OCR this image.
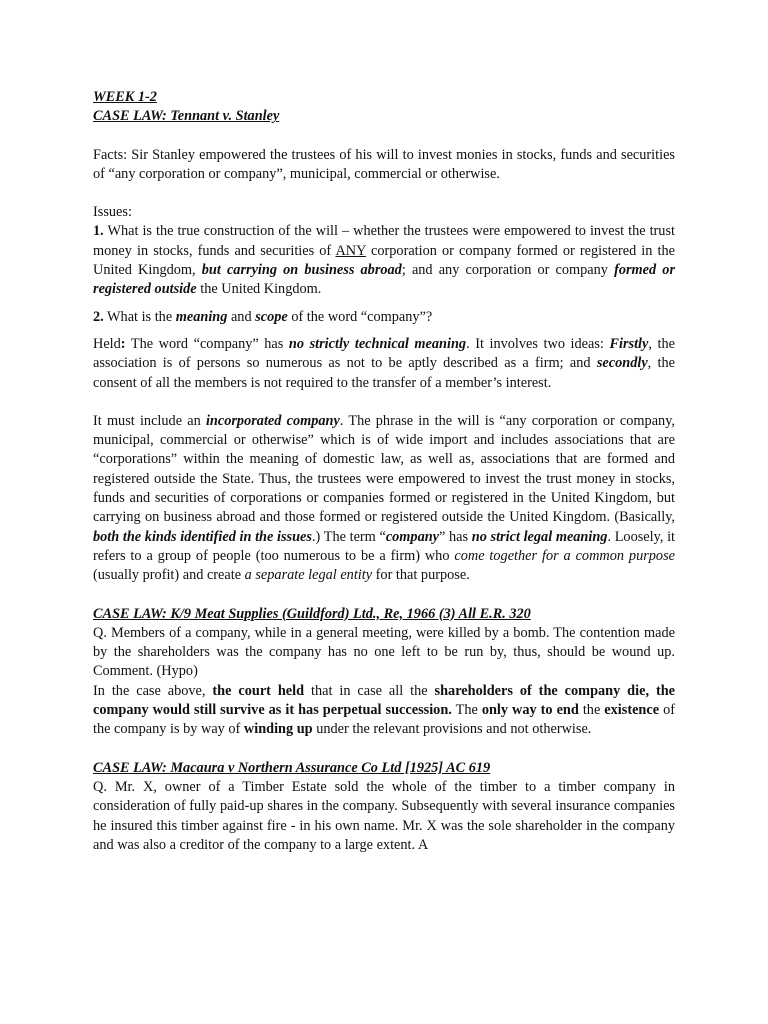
WEEK 1-2

CASE LAW: Tennant v. Stanley

Facts: Sir Stanley empowered the trustees of his will to invest monies in stocks, funds and securities of “any corporation or company”, municipal, commercial or otherwise.

Issues:

1. What is the true construction of the will – whether the trustees were empowered to invest the trust money in stocks, funds and securities of ANY corporation or company formed or registered in the United Kingdom, but carrying on business abroad; and any corporation or company formed or registered outside the United Kingdom.

2. What is the meaning and scope of the word “company”?

Held: The word “company” has no strictly technical meaning. It involves two ideas: Firstly, the association is of persons so numerous as not to be aptly described as a firm; and secondly, the consent of all the members is not required to the transfer of a member’s interest.

It must include an incorporated company. The phrase in the will is “any corporation or company, municipal, commercial or otherwise” which is of wide import and includes associations that are “corporations” within the meaning of domestic law, as well as, associations that are formed and registered outside the State. Thus, the trustees were empowered to invest the trust money in stocks, funds and securities of corporations or companies formed or registered in the United Kingdom, but carrying on business abroad and those formed or registered outside the United Kingdom. (Basically, both the kinds identified in the issues.) The term “company” has no strict legal meaning. Loosely, it refers to a group of people (too numerous to be a firm) who come together for a common purpose (usually profit) and create a separate legal entity for that purpose.

CASE LAW: K/9 Meat Supplies (Guildford) Ltd., Re, 1966 (3) All E.R. 320

Q. Members of a company, while in a general meeting, were killed by a bomb. The contention made by the shareholders was the company has no one left to be run by, thus, should be wound up. Comment. (Hypo)

In the case above, the court held that in case all the shareholders of the company die, the company would still survive as it has perpetual succession. The only way to end the existence of the company is by way of winding up under the relevant provisions and not otherwise.

CASE LAW: Macaura v Northern Assurance Co Ltd [1925] AC 619

Q. Mr. X, owner of a Timber Estate sold the whole of the timber to a timber company in consideration of fully paid-up shares in the company. Subsequently with several insurance companies he insured this timber against fire - in his own name. Mr. X was the sole shareholder in the company and was also a creditor of the company to a large extent. A
